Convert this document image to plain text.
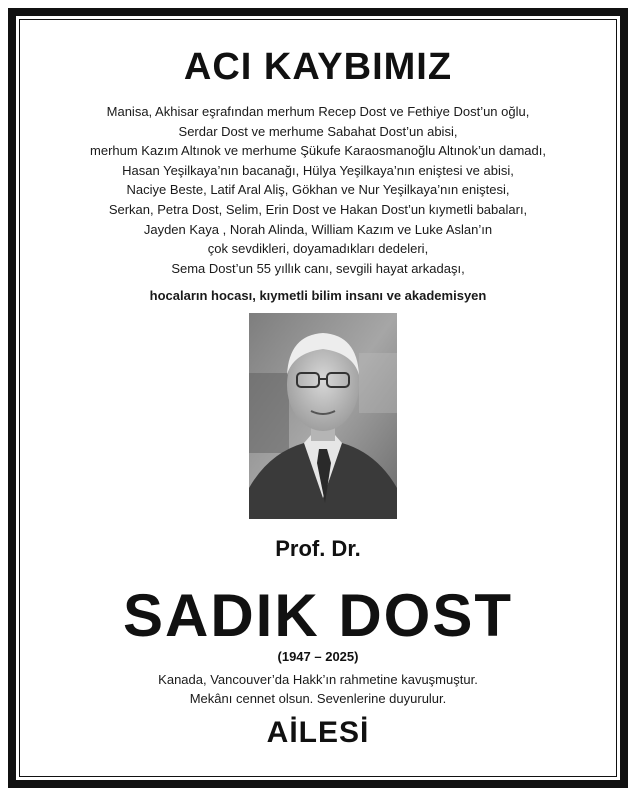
ACI KAYBIMIZ
Manisa, Akhisar eşrafından merhum Recep Dost ve Fethiye Dost’un oğlu,
Serdar Dost ve merhume Sabahat Dost’un abisi,
merhum Kazım Altınok ve merhume Şükufe Karaosmanoğlu Altınok’un damadı,
Hasan Yeşilkaya’nın bacanağı, Hülya Yeşilkaya’nın eniştesi ve abisi,
Naciye Beste, Latif Aral Aliş, Gökhan ve Nur Yeşilkaya’nın eniştesi,
Serkan, Petra Dost, Selim, Erin Dost ve Hakan Dost’un kıymetli babaları,
Jayden Kaya , Norah Alinda, William Kazım ve Luke Aslan’ın
çok sevdikleri, doyamadıkları dedeleri,
Sema Dost’un 55 yıllık canı, sevgili hayat arkadaşı,
hocaların hocası, kıymetli bilim insanı ve akademisyen
Prof. Dr.
SADIK DOST
(1947 – 2025)
Kanada, Vancouver’da Hakk’ın rahmetine kavuşmuştur.
Mekânı cennet olsun. Sevenlerine duyurulur.
AİLESİ
